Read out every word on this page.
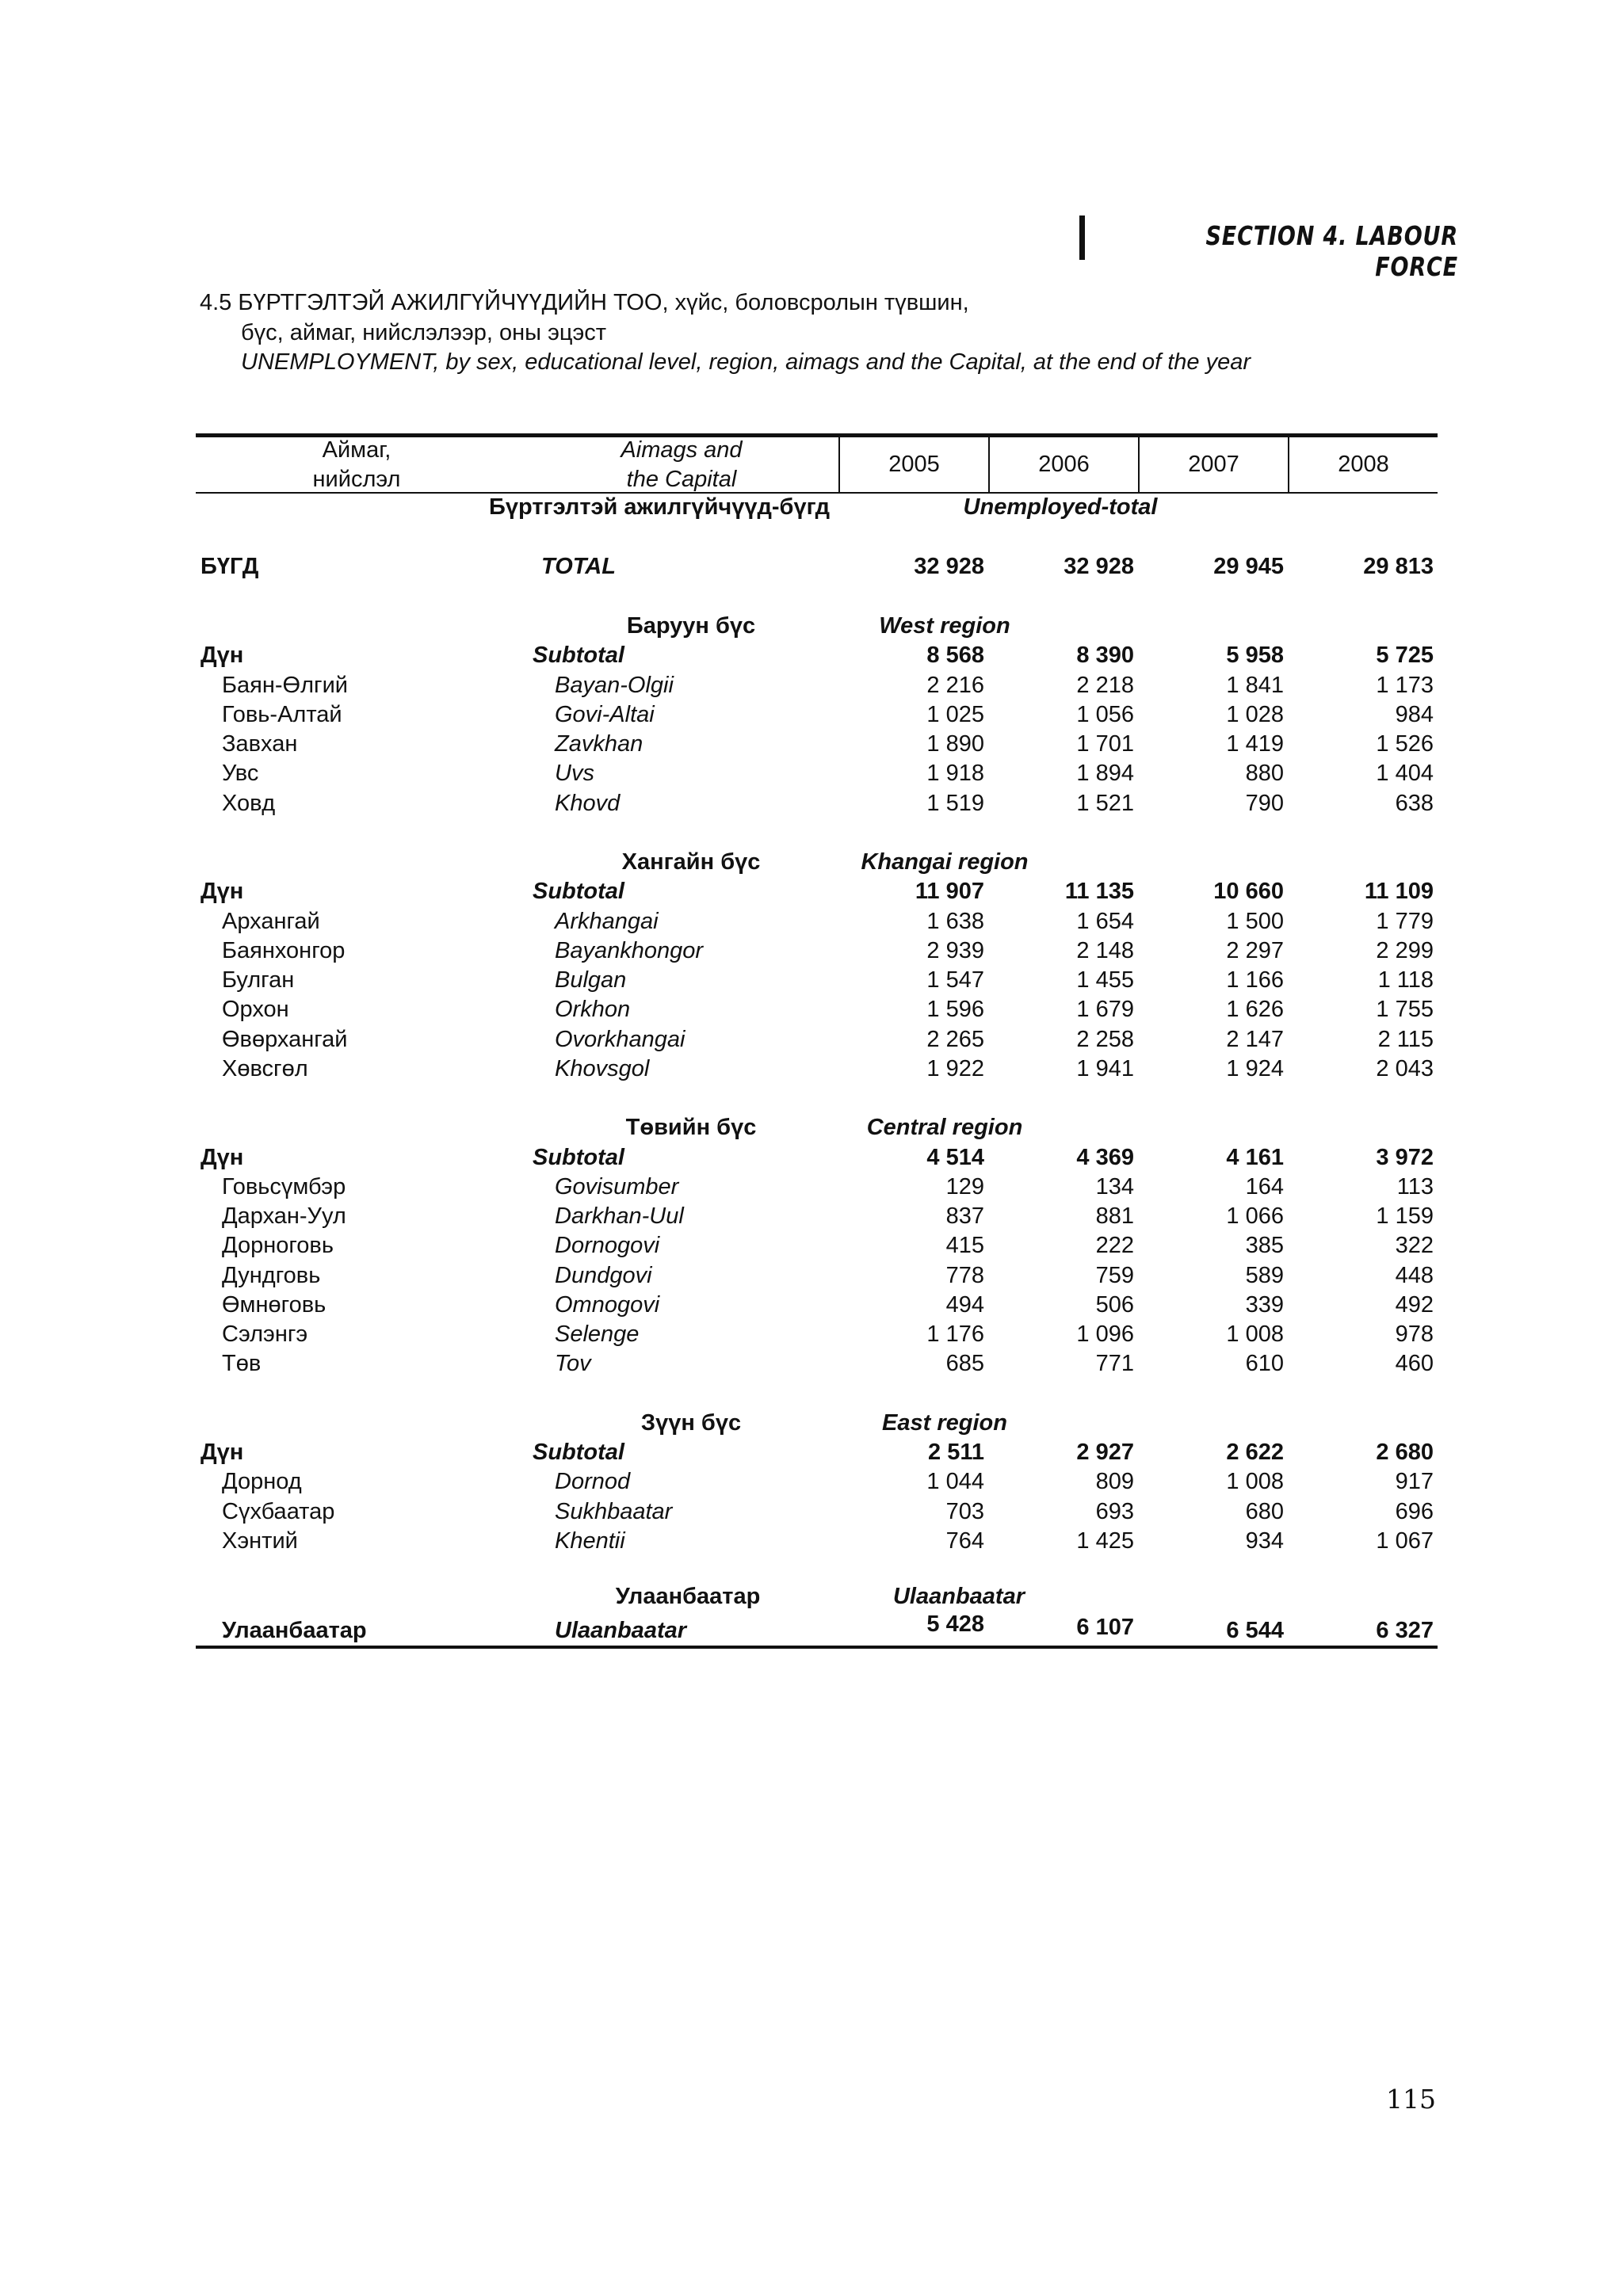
SECTION 4. LABOUR FORCE
4.5 БҮРТГЭЛТЭЙ АЖИЛГҮЙЧҮҮДИЙН ТОО, хүйс, боловсролын түвшин,
бүс, аймаг, нийслэлээр, оны эцэст
UNEMPLOYMENT, by sex, educational level, region, aimags and the Capital, at the end of the year
Аймаг,
нийслэл
Aimags and
the Capital
2005	2006	2007	2008
Бүртгэлтэй ажилгүйчүүд-бүгд	Unemployed-total
БҮГД	TOTAL	32 928	32 928	29 945	29 813
Баруун бүс	West region
Дүн	Subtotal	8 568	8 390	5 958	5 725
Баян-Өлгий	Bayan-Olgii	2 216	2 218	1 841	1 173
Говь-Алтай	Govi-Altai	1 025	1 056	1 028	984
Завхан	Zavkhan	1 890	1 701	1 419	1 526
Увс	Uvs	1 918	1 894	880	1 404
Ховд	Khovd	1 519	1 521	790	638
Хангайн бүс	Khangai region
Дүн	Subtotal	11 907	11 135	10 660	11 109
Архангай	Arkhangai	1 638	1 654	1 500	1 779
Баянхонгор	Bayankhongor	2 939	2 148	2 297	2 299
Булган	Bulgan	1 547	1 455	1 166	1 118
Орхон	Orkhon	1 596	1 679	1 626	1 755
Өвөрхангай	Ovorkhangai	2 265	2 258	2 147	2 115
Хөвсгөл	Khovsgol	1 922	1 941	1 924	2 043
Төвийн бүс	Central region
Дүн	Subtotal	4 514	4 369	4 161	3 972
Говьсүмбэр	Govisumber	129	134	164	113
Дархан-Уул	Darkhan-Uul	837	881	1 066	1 159
Дорноговь	Dornogovi	415	222	385	322
Дундговь	Dundgovi	778	759	589	448
Өмнөговь	Omnogovi	494	506	339	492
Сэлэнгэ	Selenge	1 176	1 096	1 008	978
Төв	Tov	685	771	610	460
Зүүн бүс	East region
Дүн	Subtotal	2 511	2 927	2 622	2 680
Дорнод	Dornod	1 044	809	1 008	917
Сүхбаатар	Sukhbaatar	703	693	680	696
Хэнтий	Khentii	764	1 425	934	1 067
Улаанбаатар	Ulaanbaatar
Улаанбаатар	Ulaanbaatar	5 428	6 107	6 544	6 327
115
